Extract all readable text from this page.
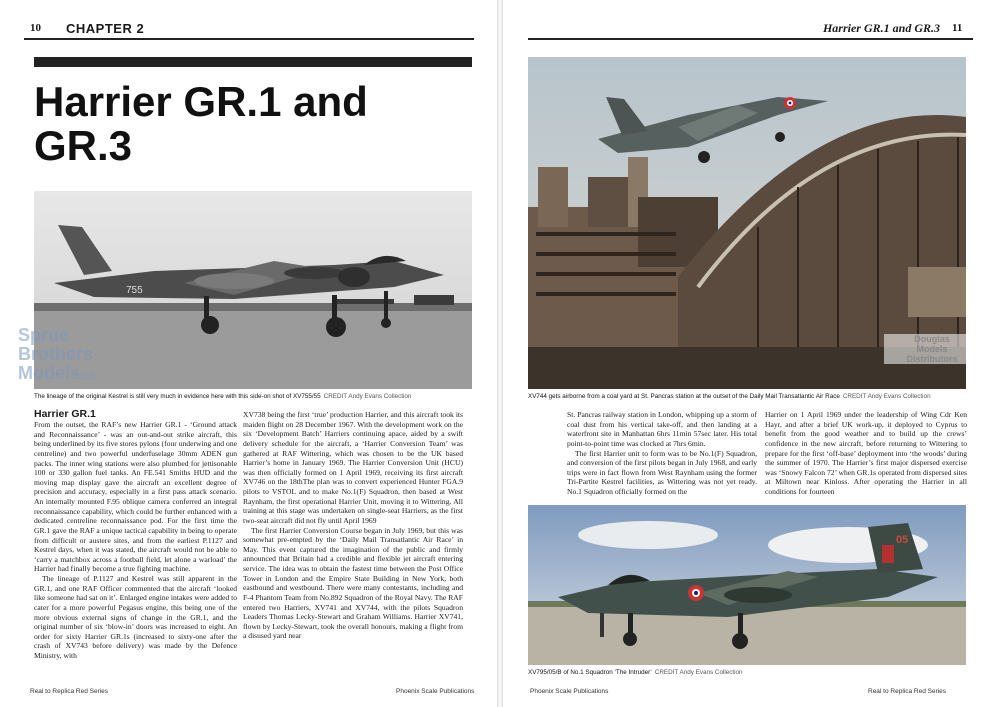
10 CHAPTER 2	Harrier GR.1 and GR.3 11
Harrier GR.1 and GR.3
755
The lineage of the original Kestrel is still very much in evidence here with this side-on shot of XV755/55 CREDIT Andy Evans Collection	XV744 gets airborne from a coal yard at St. Pancras station at the outset of the Daily Mail Transatlantic Air Race CREDIT Andy Evans Collection
05
XV795/05/B of No.1 Squadron ‘The Intruder’ CREDIT Andy Evans Collection
Harrier GR.1

From the outset, the RAF’s new Harrier GR.1 - ‘Ground attack and Reconnaissance’ - was an out-and-out strike aircraft, this being underlined by its five stores pylons (four underwing and one centreline) and two powerful underfuselage 30mm ADEN gun packs. The inner wing stations were also plumbed for jettisonable 100 or 330 gallon fuel tanks. An FE.541 Smiths HUD and the moving map display gave the aircraft an excellent degree of precision and accuracy, especially in a first pass attack scenario. An internally mounted F.95 oblique camera conferred an integral reconnaissance capability, which could be further enhanced with a dedicated centreline reconnaissance pod. For the first time the GR.1 gave the RAF a unique tactical capability in being to operate from difficult or austere sites, and from the earliest P.1127 and Kestrel days, when it was stated, the aircraft would not be able to ‘carry a matchbox across a football field, let alone a warload’ the Harrier had finally become a true fighting machine.

The lineage of P.1127 and Kestrel was still apparent in the GR.1, and one RAF Officer commented that the aircraft ‘looked like someone had sat on it’. Enlarged engine intakes were added to cater for a more powerful Pegasus engine, this being one of the more obvious external signs of change in the GR.1, and the original number of six ‘blow-in’ doors was increased to eight. An order for sixty Harrier GR.1s (increased to sixty-one after the crash of XV743 before delivery) was made by the Defence Ministry, with

XV738 being the first ‘true’ production Harrier, and this aircraft took its maiden flight on 28 December 1967. With the development work on the six ‘Development Batch’ Harriers continuing apace, aided by a swift delivery schedule for the aircraft, a ‘Harrier Conversion Team’ was gathered at RAF Wittering, which was chosen to be the UK based Harrier’s home in January 1969. The Harrier Conversion Unit (HCU) was then officially formed on 1 April 1969, receiving its first aircraft XV746 on the 18thThe plan was to convert experienced Hunter FGA.9 pilots to VSTOL and to make No.1(F) Squadron, then based at West Raynham, the first operational Harrier Unit, moving it to Wittering. All training at this stage was undertaken on single-seat Harriers, as the first two-seat aircraft did not fly until April 1969

The first Harrier Conversion Course began in July 1969, but this was somewhat pre-empted by the ‘Daily Mail Transatlantic Air Race’ in May. This event captured the imagination of the public and firmly announced that Britain had a credible and flexible jet aircraft entering service. The idea was to obtain the fastest time between the Post Office Tower in London and the Empire State Building in New York, both eastbound and westbound. There were many contestants, including and F-4 Phantom Team from No.892 Squadron of the Royal Navy. The RAF entered two Harriers, XV741 and XV744, with the pilots Squadron Leaders Thomas Lecky-Stewart and Graham Williams. Harrier XV741, flown by Lecky-Stewart, took the overall honours, making a flight from a disused yard near

St. Pancras railway station in London, whipping up a storm of coal dust from his vertical take-off, and then landing at a waterfront site in Manhattan 6hrs 11min 57sec later. His total point-to-point time was clocked at 7hrs 6min.

The first Harrier unit to form was to be No.1(F) Squadron, and conversion of the first pilots began in July 1968, and early trips were in fact flown from West Raynham using the former Tri-Partite Kestrel facilities, as Wittering was not yet ready. No.1 Squadron officially formed on the

Harrier on 1 April 1969 under the leadership of Wing Cdr Ken Hayr, and after a brief UK work-up, it deployed to Cyprus to benefit from the good weather and to build up the crews’ confidence in the new aircraft, before returning to Wittering to prepare for the first ‘off-base’ deployment into ‘the woods’ during the summer of 1970. The Harrier’s first major dispersed exercise was ‘Snowy Falcon 72’ when GR.1s operated from dispersed sites at Miltown near Kinloss. After operating the Harrier in all conditions for fourteen

Real to Replica Red Series	Phoenix Scale Publications	Phoenix Scale Publications	Real to Replica Red Series
Sprue
Brothers
ModelsLLC
Douglas
Models
Distributors
